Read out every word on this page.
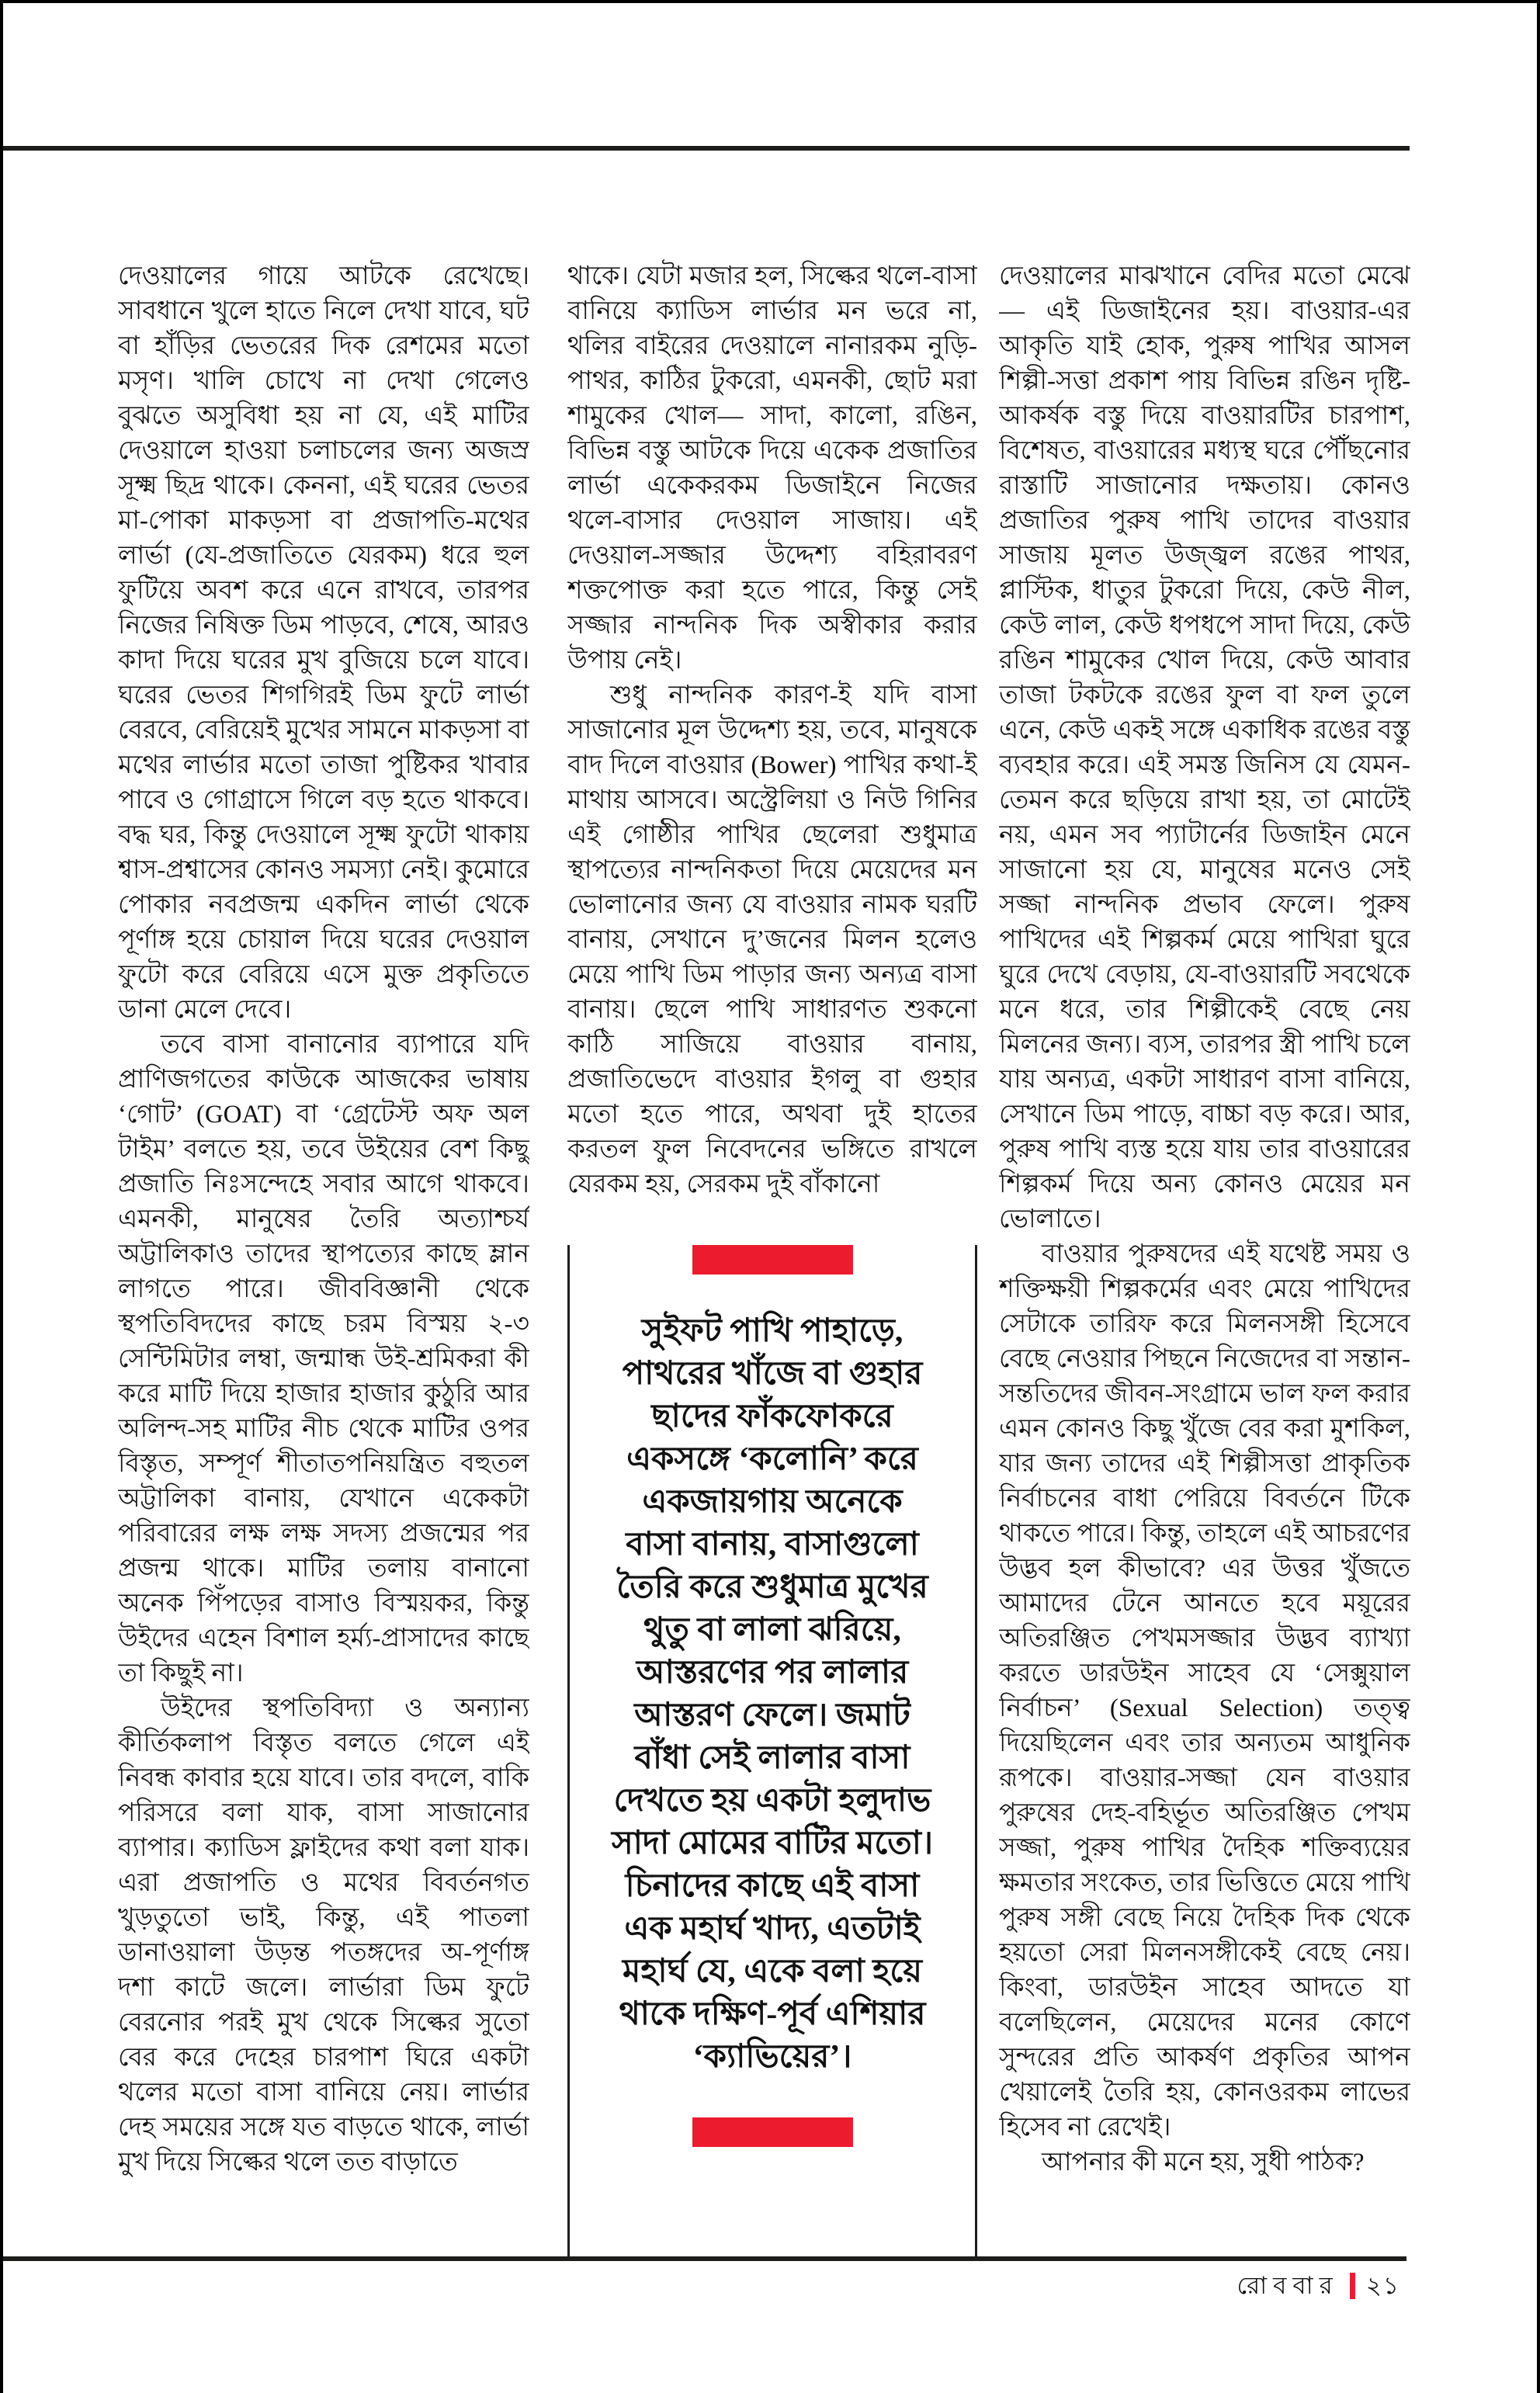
দেওয়ালের গায়ে আটকে রেখেছে। সাবধানে খুলে হাতে নিলে দেখা যাবে, ঘট বা হাঁড়ির ভেতরের দিক রেশমের মতো মসৃণ। খালি চোখে না দেখা গেলেও বুঝতে অসুবিধা হয় না যে, এই মাটির দেওয়ালে হাওয়া চলাচলের জন্য অজস্র সূক্ষ্ম ছিদ্র থাকে। কেননা, এই ঘরের ভেতর মা-পোকা মাকড়সা বা প্রজাপতি-মথের লার্ভা (যে-প্রজাতিতে যেরকম) ধরে হুল ফুটিয়ে অবশ করে এনে রাখবে, তারপর নিজের নিষিক্ত ডিম পাড়বে, শেষে, আরও কাদা দিয়ে ঘরের মুখ বুজিয়ে চলে যাবে। ঘরের ভেতর শিগগিরই ডিম ফুটে লার্ভা বেরবে, বেরিয়েই মুখের সামনে মাকড়সা বা মথের লার্ভার মতো তাজা পুষ্টিকর খাবার পাবে ও গোগ্রাসে গিলে বড় হতে থাকবে। বদ্ধ ঘর, কিন্তু দেওয়ালে সূক্ষ্ম ফুটো থাকায় শ্বাস-প্রশ্বাসের কোনও সমস্যা নেই। কুমোরে পোকার নবপ্রজন্ম একদিন লার্ভা থেকে পূর্ণাঙ্গ হয়ে চোয়াল দিয়ে ঘরের দেওয়াল ফুটো করে বেরিয়ে এসে মুক্ত প্রকৃতিতে ডানা মেলে দেবে।

তবে বাসা বানানোর ব্যাপারে যদি প্রাণিজগতের কাউকে আজকের ভাষায় ‘গোট’ (GOAT) বা ‘গ্রেটেস্ট অফ অল টাইম’ বলতে হয়, তবে উইয়ের বেশ কিছু প্রজাতি নিঃসন্দেহে সবার আগে থাকবে। এমনকী, মানুষের তৈরি অত্যাশ্চর্য অট্টালিকাও তাদের স্থাপত্যের কাছে ম্লান লাগতে পারে। জীববিজ্ঞানী থেকে স্থপতিবিদদের কাছে চরম বিস্ময় ২-৩ সেন্টিমিটার লম্বা, জন্মান্ধ উই-শ্রমিকরা কী করে মাটি দিয়ে হাজার হাজার কুঠুরি আর অলিন্দ-সহ মাটির নীচ থেকে মাটির ওপর বিস্তৃত, সম্পূর্ণ শীতাতপনিয়ন্ত্রিত বহুতল অট্টালিকা বানায়, যেখানে একেকটা পরিবারের লক্ষ লক্ষ সদস্য প্রজন্মের পর প্রজন্ম থাকে। মাটির তলায় বানানো অনেক পিঁপড়ের বাসাও বিস্ময়কর, কিন্তু উইদের এহেন বিশাল হর্ম্য-প্রাসাদের কাছে তা কিছুই না।

উইদের স্থপতিবিদ্যা ও অন্যান্য কীর্তিকলাপ বিস্তৃত বলতে গেলে এই নিবন্ধ কাবার হয়ে যাবে। তার বদলে, বাকি পরিসরে বলা যাক, বাসা সাজানোর ব্যাপার। ক্যাডিস ফ্লাইদের কথা বলা যাক। এরা প্রজাপতি ও মথের বিবর্তনগত খুড়তুতো ভাই, কিন্তু, এই পাতলা ডানাওয়ালা উড়ন্ত পতঙ্গদের অ-পূর্ণাঙ্গ দশা কাটে জলে। লার্ভারা ডিম ফুটে বেরনোর পরই মুখ থেকে সিল্কের সুতো বের করে দেহের চারপাশ ঘিরে একটা থলের মতো বাসা বানিয়ে নেয়। লার্ভার দেহ সময়ের সঙ্গে যত বাড়তে থাকে, লার্ভা মুখ দিয়ে সিল্কের থলে তত বাড়াতে

থাকে। যেটা মজার হল, সিল্কের থলে-বাসা বানিয়ে ক্যাডিস লার্ভার মন ভরে না, থলির বাইরের দেওয়ালে নানারকম নুড়ি-পাথর, কাঠির টুকরো, এমনকী, ছোট মরা শামুকের খোল— সাদা, কালো, রঙিন, বিভিন্ন বস্তু আটকে দিয়ে একেক প্রজাতির লার্ভা একেকরকম ডিজাইনে নিজের থলে-বাসার দেওয়াল সাজায়। এই দেওয়াল-সজ্জার উদ্দেশ্য বহিরাবরণ শক্তপোক্ত করা হতে পারে, কিন্তু সেই সজ্জার নান্দনিক দিক অস্বীকার করার উপায় নেই।

শুধু নান্দনিক কারণ-ই যদি বাসা সাজানোর মূল উদ্দেশ্য হয়, তবে, মানুষকে বাদ দিলে বাওয়ার (Bower) পাখির কথা-ই মাথায় আসবে। অস্ট্রেলিয়া ও নিউ গিনির এই গোষ্ঠীর পাখির ছেলেরা শুধুমাত্র স্থাপত্যের নান্দনিকতা দিয়ে মেয়েদের মন ভোলানোর জন্য যে বাওয়ার নামক ঘরটি বানায়, সেখানে দু’জনের মিলন হলেও মেয়ে পাখি ডিম পাড়ার জন্য অন্যত্র বাসা বানায়। ছেলে পাখি সাধারণত শুকনো কাঠি সাজিয়ে বাওয়ার বানায়, প্রজাতিভেদে বাওয়ার ইগলু বা গুহার মতো হতে পারে, অথবা দুই হাতের করতল ফুল নিবেদনের ভঙ্গিতে রাখলে যেরকম হয়, সেরকম দুই বাঁকানো

সুইফট পাখি পাহাড়ে, পাথরের খাঁজে বা গুহার ছাদের ফাঁকফোকরে একসঙ্গে ‘কলোনি’ করে একজায়গায় অনেকে বাসা বানায়, বাসাগুলো তৈরি করে শুধুমাত্র মুখের থুতু বা লালা ঝরিয়ে, আস্তরণের পর লালার আস্তরণ ফেলে। জমাট বাঁধা সেই লালার বাসা দেখতে হয় একটা হলুদাভ সাদা মোমের বাটির মতো। চিনাদের কাছে এই বাসা এক মহার্ঘ খাদ্য, এতটাই মহার্ঘ যে, একে বলা হয়ে থাকে দক্ষিণ-পূর্ব এশিয়ার ‘ক্যাভিয়ের’।

দেওয়ালের মাঝখানে বেদির মতো মেঝে— এই ডিজাইনের হয়। বাওয়ার-এর আকৃতি যাই হোক, পুরুষ পাখির আসল শিল্পী-সত্তা প্রকাশ পায় বিভিন্ন রঙিন দৃষ্টি-আকর্ষক বস্তু দিয়ে বাওয়ারটির চারপাশ, বিশেষত, বাওয়ারের মধ্যস্থ ঘরে পৌঁছনোর রাস্তাটি সাজানোর দক্ষতায়। কোনও প্রজাতির পুরুষ পাখি তাদের বাওয়ার সাজায় মূলত উজ্জ্বল রঙের পাথর, প্লাস্টিক, ধাতুর টুকরো দিয়ে, কেউ নীল, কেউ লাল, কেউ ধপধপে সাদা দিয়ে, কেউ রঙিন শামুকের খোল দিয়ে, কেউ আবার তাজা টকটকে রঙের ফুল বা ফল তুলে এনে, কেউ একই সঙ্গে একাধিক রঙের বস্তু ব্যবহার করে। এই সমস্ত জিনিস যে যেমন-তেমন করে ছড়িয়ে রাখা হয়, তা মোটেই নয়, এমন সব প্যাটার্নের ডিজাইন মেনে সাজানো হয় যে, মানুষের মনেও সেই সজ্জা নান্দনিক প্রভাব ফেলে। পুরুষ পাখিদের এই শিল্পকর্ম মেয়ে পাখিরা ঘুরে ঘুরে দেখে বেড়ায়, যে-বাওয়ারটি সবথেকে মনে ধরে, তার শিল্পীকেই বেছে নেয় মিলনের জন্য। ব্যস, তারপর স্ত্রী পাখি চলে যায় অন্যত্র, একটা সাধারণ বাসা বানিয়ে, সেখানে ডিম পাড়ে, বাচ্চা বড় করে। আর, পুরুষ পাখি ব্যস্ত হয়ে যায় তার বাওয়ারের শিল্পকর্ম দিয়ে অন্য কোনও মেয়ের মন ভোলাতে।

বাওয়ার পুরুষদের এই যথেষ্ট সময় ও শক্তিক্ষয়ী শিল্পকর্মের এবং মেয়ে পাখিদের সেটাকে তারিফ করে মিলনসঙ্গী হিসেবে বেছে নেওয়ার পিছনে নিজেদের বা সন্তান-সন্ততিদের জীবন-সংগ্রামে ভাল ফল করার এমন কোনও কিছু খুঁজে বের করা মুশকিল, যার জন্য তাদের এই শিল্পীসত্তা প্রাকৃতিক নির্বাচনের বাধা পেরিয়ে বিবর্তনে টিকে থাকতে পারে। কিন্তু, তাহলে এই আচরণের উদ্ভব হল কীভাবে? এর উত্তর খুঁজতে আমাদের টেনে আনতে হবে ময়ূরের অতিরঞ্জিত পেখমসজ্জার উদ্ভব ব্যাখ্যা করতে ডারউইন সাহেব যে ‘সেক্সুয়াল নির্বাচন’ (Sexual Selection) তত্ত্ব দিয়েছিলেন এবং তার অন্যতম আধুনিক রূপকে। বাওয়ার-সজ্জা যেন বাওয়ার পুরুষের দেহ-বহির্ভূত অতিরঞ্জিত পেখম সজ্জা, পুরুষ পাখির দৈহিক শক্তিব্যয়ের ক্ষমতার সংকেত, তার ভিত্তিতে মেয়ে পাখি পুরুষ সঙ্গী বেছে নিয়ে দৈহিক দিক থেকে হয়তো সেরা মিলনসঙ্গীকেই বেছে নেয়। কিংবা, ডারউইন সাহেব আদতে যা বলেছিলেন, মেয়েদের মনের কোণে সুন্দরের প্রতি আকর্ষণ প্রকৃতির আপন খেয়ালেই তৈরি হয়, কোনওরকম লাভের হিসেব না রেখেই।

আপনার কী মনে হয়, সুধী পাঠক?

রোববার ২১
